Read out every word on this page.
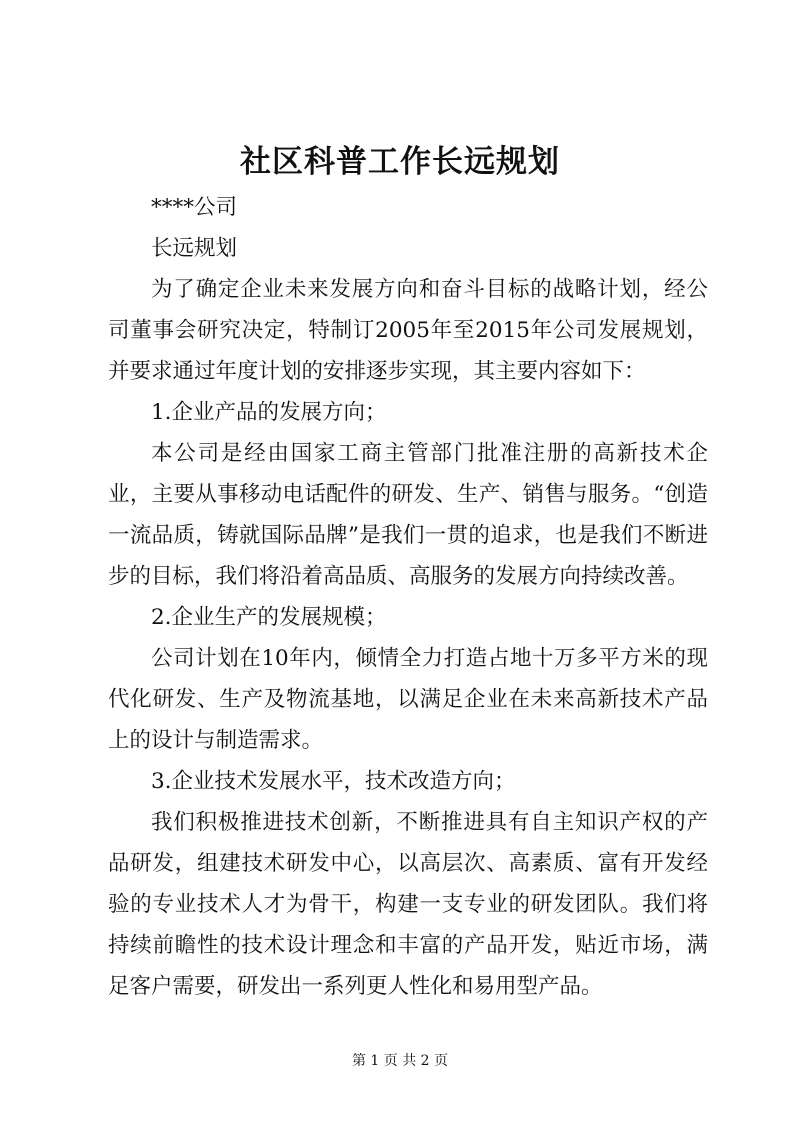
社区科普工作长远规划

****公司

长远规划

为了确定企业未来发展方向和奋斗目标的战略计划，经公司董事会研究决定，特制订2005年至2015年公司发展规划，并要求通过年度计划的安排逐步实现，其主要内容如下：

1.企业产品的发展方向；

本公司是经由国家工商主管部门批准注册的高新技术企业，主要从事移动电话配件的研发、生产、销售与服务。“创造一流品质，铸就国际品牌”是我们一贯的追求，也是我们不断进步的目标，我们将沿着高品质、高服务的发展方向持续改善。

2.企业生产的发展规模；

公司计划在10年内，倾情全力打造占地十万多平方米的现代化研发、生产及物流基地，以满足企业在未来高新技术产品上的设计与制造需求。

3.企业技术发展水平，技术改造方向；

我们积极推进技术创新，不断推进具有自主知识产权的产品研发，组建技术研发中心，以高层次、高素质、富有开发经验的专业技术人才为骨干，构建一支专业的研发团队。我们将持续前瞻性的技术设计理念和丰富的产品开发，贴近市场，满足客户需要，研发出一系列更人性化和易用型产品。

第 1 页 共 2 页
